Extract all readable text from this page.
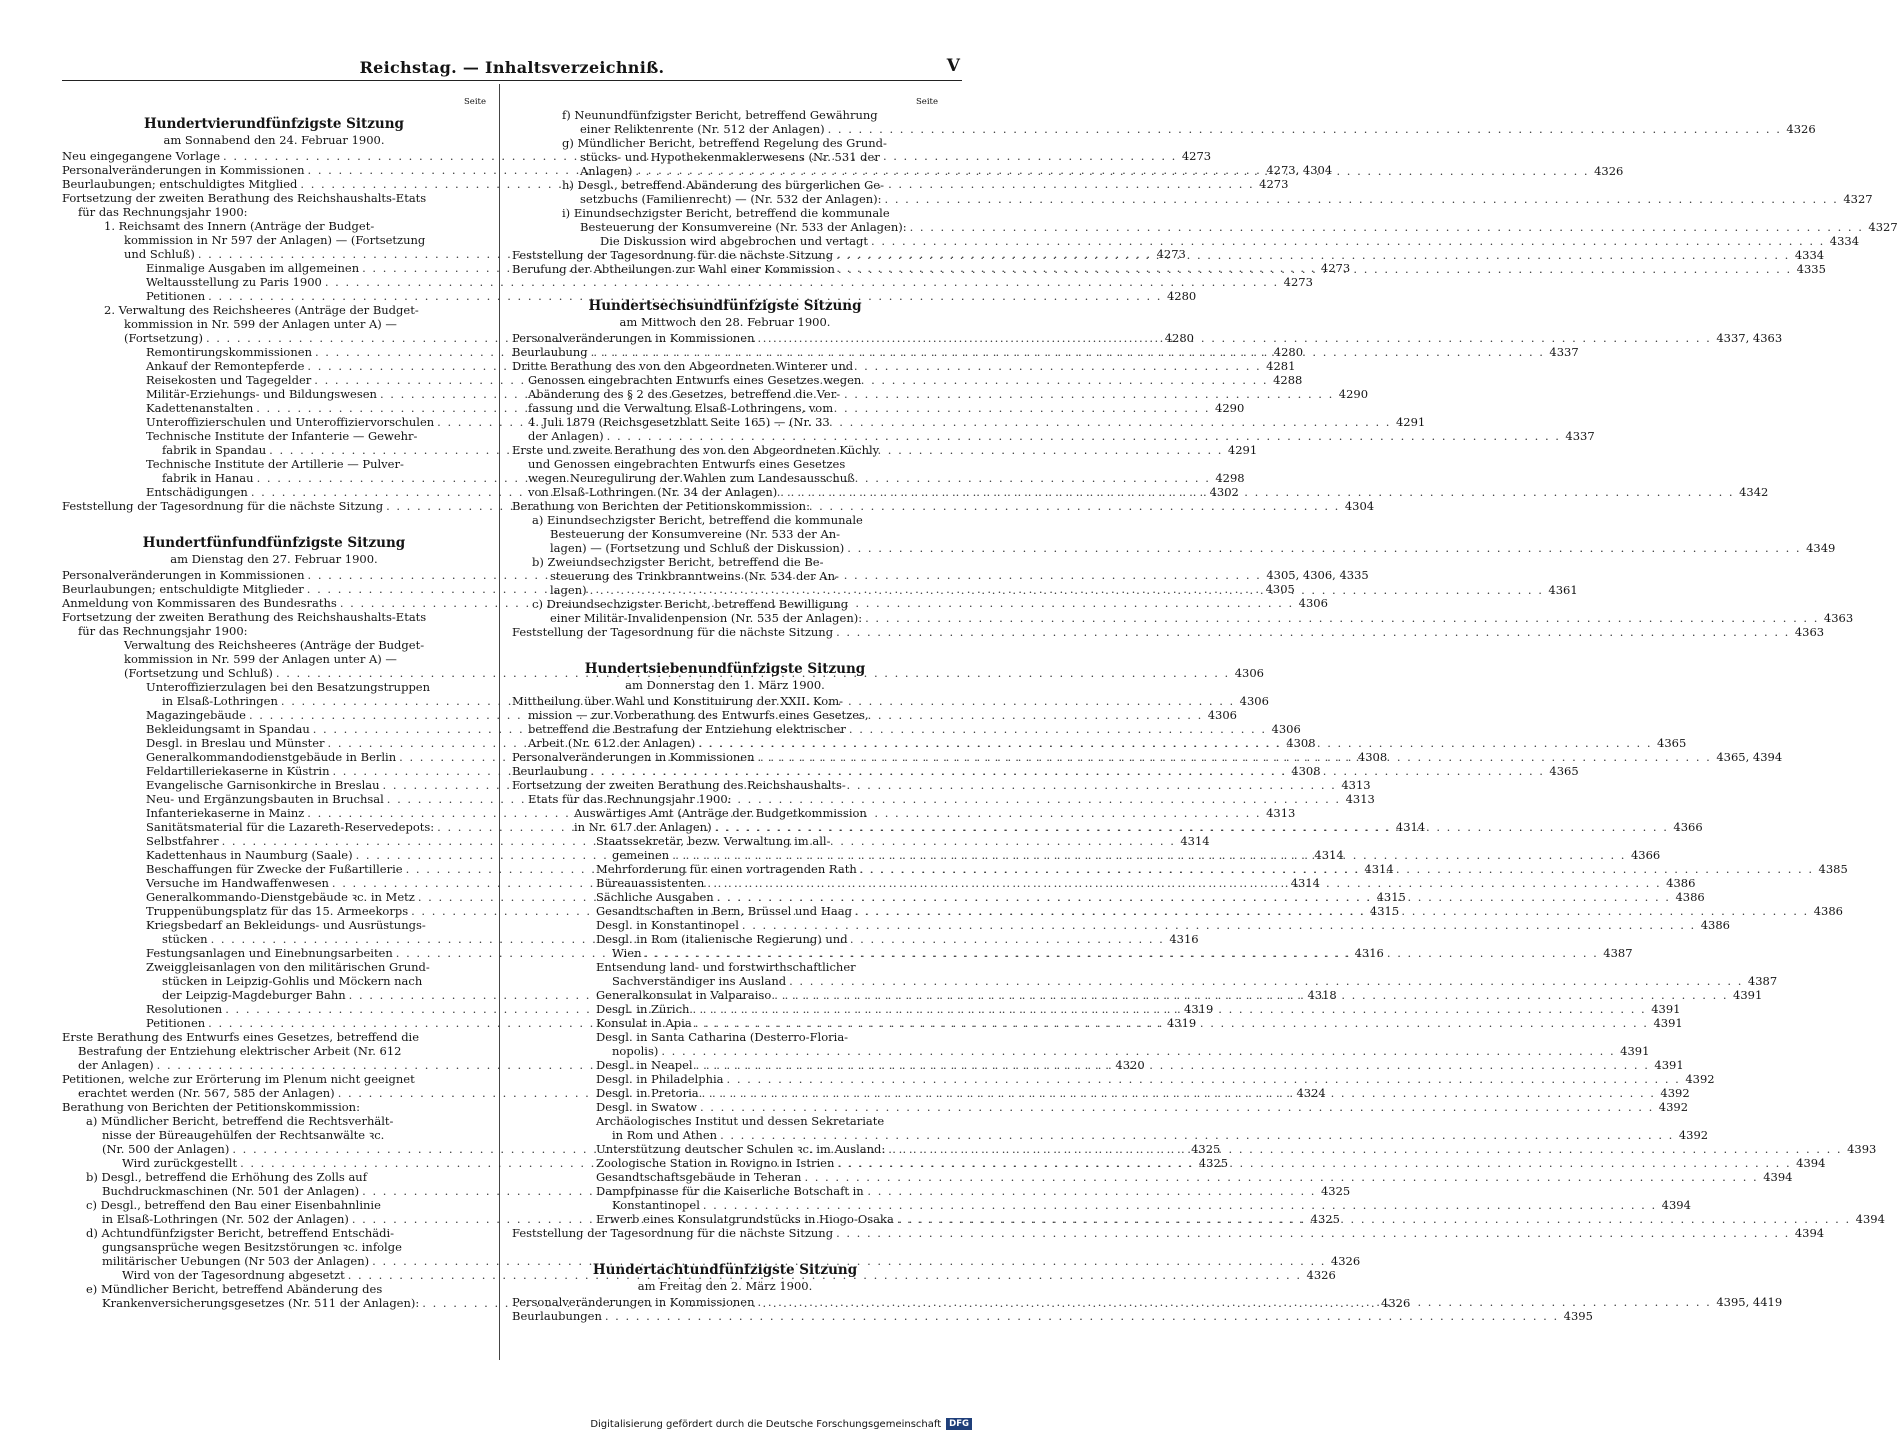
Reichstag. — Inhaltsverzeichniß.	V
Seite
Hundertvierundfünfzigste Sitzung
am Sonnabend den 24. Februar 1900.
Neu eingegangene Vorlage . . .	4273
Personalveränderungen in Kommissionen . . .	4273, 4304
Beurlaubungen; entschuldigtes Mitglied . . .	4273
Fortsetzung der zweiten Berathung des Reichshaushalts-Etats
für das Rechnungsjahr 1900:
1. Reichsamt des Innern (Anträge der Budget-
kommission in Nr 597 der Anlagen) — (Fortsetzung
und Schluß) . . .	4273
Einmalige Ausgaben im allgemeinen . . .	4273
Weltausstellung zu Paris 1900 . . .	4273
Petitionen . . .	4280
2. Verwaltung des Reichsheeres (Anträge der Budget-
kommission in Nr. 599 der Anlagen unter A) —
(Fortsetzung) . . .	4280
Remontirungskommissionen . . .	4280
Ankauf der Remontepferde . . .	4281
Reisekosten und Tagegelder . . .	4288
Militär-Erziehungs- und Bildungswesen . . .	4290
Kadettenanstalten . . .	4290
Unteroffizierschulen und Unteroffiziervorschulen . . .	4291
Technische Institute der Infanterie — Gewehr-
fabrik in Spandau . . .	4291
Technische Institute der Artillerie — Pulver-
fabrik in Hanau . . .	4298
Entschädigungen . . .	4302
Feststellung der Tagesordnung für die nächste Sitzung . . .	4304
Hundertfünfundfünfzigste Sitzung
am Dienstag den 27. Februar 1900.
Personalveränderungen in Kommissionen . . .	4305, 4306, 4335
Beurlaubungen; entschuldigte Mitglieder . . .	4305
Anmeldung von Kommissaren des Bundesraths . . .	4306
Fortsetzung der zweiten Berathung des Reichshaushalts-Etats
für das Rechnungsjahr 1900:
Verwaltung des Reichsheeres (Anträge der Budget-
kommission in Nr. 599 der Anlagen unter A) —
(Fortsetzung und Schluß) . . .	4306
Unteroffizierzulagen bei den Besatzungstruppen
in Elsaß-Lothringen . . .	4306
Magazingebäude . . .	4306
Bekleidungsamt in Spandau . . .	4306
Desgl. in Breslau und Münster . . .	4308
Generalkommandodienstgebäude in Berlin . . .	4308
Feldartilleriekaserne in Küstrin . . .	4308
Evangelische Garnisonkirche in Breslau . . .	4313
Neu- und Ergänzungsbauten in Bruchsal . . .	4313
Infanteriekaserne in Mainz . . .	4313
Sanitätsmaterial für die Lazareth-Reservedepots: . . .	4314
Selbstfahrer . . .	4314
Kadettenhaus in Naumburg (Saale) . . .	4314
Beschaffungen für Zwecke der Fußartillerie . . .	4314
Versuche im Handwaffenwesen . . .	4314
Generalkommando-Dienstgebäude ꝛc. in Metz . . .	4315
Truppenübungsplatz für das 15. Armeekorps . . .	4315
Kriegsbedarf an Bekleidungs- und Ausrüstungs-
stücken . . .	4316
Festungsanlagen und Einebnungsarbeiten . . .	4316
Zweiggleisanlagen von den militärischen Grund-
stücken in Leipzig-Gohlis und Möckern nach
der Leipzig-Magdeburger Bahn . . .	4318
Resolutionen . . .	4319
Petitionen . . .	4319
Erste Berathung des Entwurfs eines Gesetzes, betreffend die
Bestrafung der Entziehung elektrischer Arbeit (Nr. 612
der Anlagen) . . .	4320
Petitionen, welche zur Erörterung im Plenum nicht geeignet
erachtet werden (Nr. 567, 585 der Anlagen) . . .	4324
Berathung von Berichten der Petitionskommission:
a) Mündlicher Bericht, betreffend die Rechtsverhält-
nisse der Büreaugehülfen der Rechtsanwälte ꝛc.
(Nr. 500 der Anlagen) . . .	4325
Wird zurückgestellt . . .	4325
b) Desgl., betreffend die Erhöhung des Zolls auf
Buchdruckmaschinen (Nr. 501 der Anlagen) . . .	4325
c) Desgl., betreffend den Bau einer Eisenbahnlinie
in Elsaß-Lothringen (Nr. 502 der Anlagen) . . .	4325
d) Achtundfünfzigster Bericht, betreffend Entschädi-
gungsansprüche wegen Besitzstörungen ꝛc. infolge
militärischer Uebungen (Nr 503 der Anlagen) . . .	4326
Wird von der Tagesordnung abgesetzt . . .	4326
e) Mündlicher Bericht, betreffend Abänderung des
Krankenversicherungsgesetzes (Nr. 511 der Anlagen): . . .	4326
Seite
f) Neunundfünfzigster Bericht, betreffend Gewährung
einer Reliktenrente (Nr. 512 der Anlagen) . . .	4326
g) Mündlicher Bericht, betreffend Regelung des Grund-
stücks- und Hypothekenmaklerwesens (Nr. 531 der
Anlagen) . . .	4326
h) Desgl., betreffend Abänderung des bürgerlichen Ge-
setzbuchs (Familienrecht) — (Nr. 532 der Anlagen): . . .	4327
i) Einundsechzigster Bericht, betreffend die kommunale
Besteuerung der Konsumvereine (Nr. 533 der Anlagen): . . .	4327
Die Diskussion wird abgebrochen und vertagt . . .	4334
Feststellung der Tagesordnung für die nächste Sitzung . . .	4334
Berufung der Abtheilungen zur Wahl einer Kommission . . .	4335
Hundertsechsundfünfzigste Sitzung
am Mittwoch den 28. Februar 1900.
Personalveränderungen in Kommissionen . . .	4337, 4363
Beurlaubung . . .	4337
Dritte Berathung des von den Abgeordneten Winterer und
Genossen eingebrachten Entwurfs eines Gesetzes wegen
Abänderung des § 2 des Gesetzes, betreffend die Ver-
fassung und die Verwaltung Elsaß-Lothringens, vom
4. Juli 1879 (Reichsgesetzblatt Seite 165) — (Nr. 33
der Anlagen) . . .	4337
Erste und zweite Berathung des von den Abgeordneten Küchly
und Genossen eingebrachten Entwurfs eines Gesetzes
wegen Neuregulirung der Wahlen zum Landesausschuß
von Elsaß-Lothringen (Nr. 34 der Anlagen) . . .	4342
Berathung von Berichten der Petitionskommission:
a) Einundsechzigster Bericht, betreffend die kommunale
Besteuerung der Konsumvereine (Nr. 533 der An-
lagen) — (Fortsetzung und Schluß der Diskussion) . . .	4349
b) Zweiundsechzigster Bericht, betreffend die Be-
steuerung des Trinkbranntweins (Nr. 534 der An-
lagen) . . .	4361
c) Dreiundsechzigster Bericht, betreffend Bewilligung
einer Militär-Invalidenpension (Nr. 535 der Anlagen): . . .	4363
Feststellung der Tagesordnung für die nächste Sitzung . . .	4363
Hundertsiebenundfünfzigste Sitzung
am Donnerstag den 1. März 1900.
Mittheilung über Wahl und Konstituirung der XXII. Kom-
mission — zur Vorberathung des Entwurfs eines Gesetzes,
betreffend die Bestrafung der Entziehung elektrischer
Arbeit (Nr. 612 der Anlagen) . . .	4365
Personalveränderungen in Kommissionen . . .	4365, 4394
Beurlaubung . . .	4365
Fortsetzung der zweiten Berathung des Reichshaushalts-
Etats für das Rechnungsjahr 1900:
Auswärtiges Amt (Anträge der Budgetkommission
in Nr. 617 der Anlagen) . . .	4366
Staatssekretär, bezw. Verwaltung im all-
gemeinen . . .	4366
Mehrforderung für einen vortragenden Rath . . .	4385
Büreauassistenten . . .	4386
Sächliche Ausgaben . . .	4386
Gesandtschaften in Bern, Brüssel und Haag . . .	4386
Desgl. in Konstantinopel . . .	4386
Desgl. in Rom (italienische Regierung) und
Wien . . .	4387
Entsendung land- und forstwirthschaftlicher
Sachverständiger ins Ausland . . .	4387
Generalkonsulat in Valparaiso . . .	4391
Desgl. in Zürich . . .	4391
Konsulat in Apia . . .	4391
Desgl. in Santa Catharina (Desterro-Floria-
nopolis) . . .	4391
Desgl. in Neapel . . .	4391
Desgl. in Philadelphia . . .	4392
Desgl. in Pretoria . . .	4392
Desgl. in Swatow . . .	4392
Archäologisches Institut und dessen Sekretariate
in Rom und Athen . . .	4392
Unterstützung deutscher Schulen ꝛc. im Ausland: . . .	4393
Zoologische Station in Rovigno in Istrien . . .	4394
Gesandtschaftsgebäude in Teheran . . .	4394
Dampfpinasse für die Kaiserliche Botschaft in
Konstantinopel . . .	4394
Erwerb eines Konsulatgrundstücks in Hiogo-Osaka . . .	4394
Feststellung der Tagesordnung für die nächste Sitzung . . .	4394
Hundertachtundfünfzigste Sitzung
am Freitag den 2. März 1900.
Personalveränderungen in Kommissionen . . .	4395, 4419
Beurlaubungen . . .	4395
Digitalisierung gefördert durch die Deutsche Forschungsgemeinschaft DFG
